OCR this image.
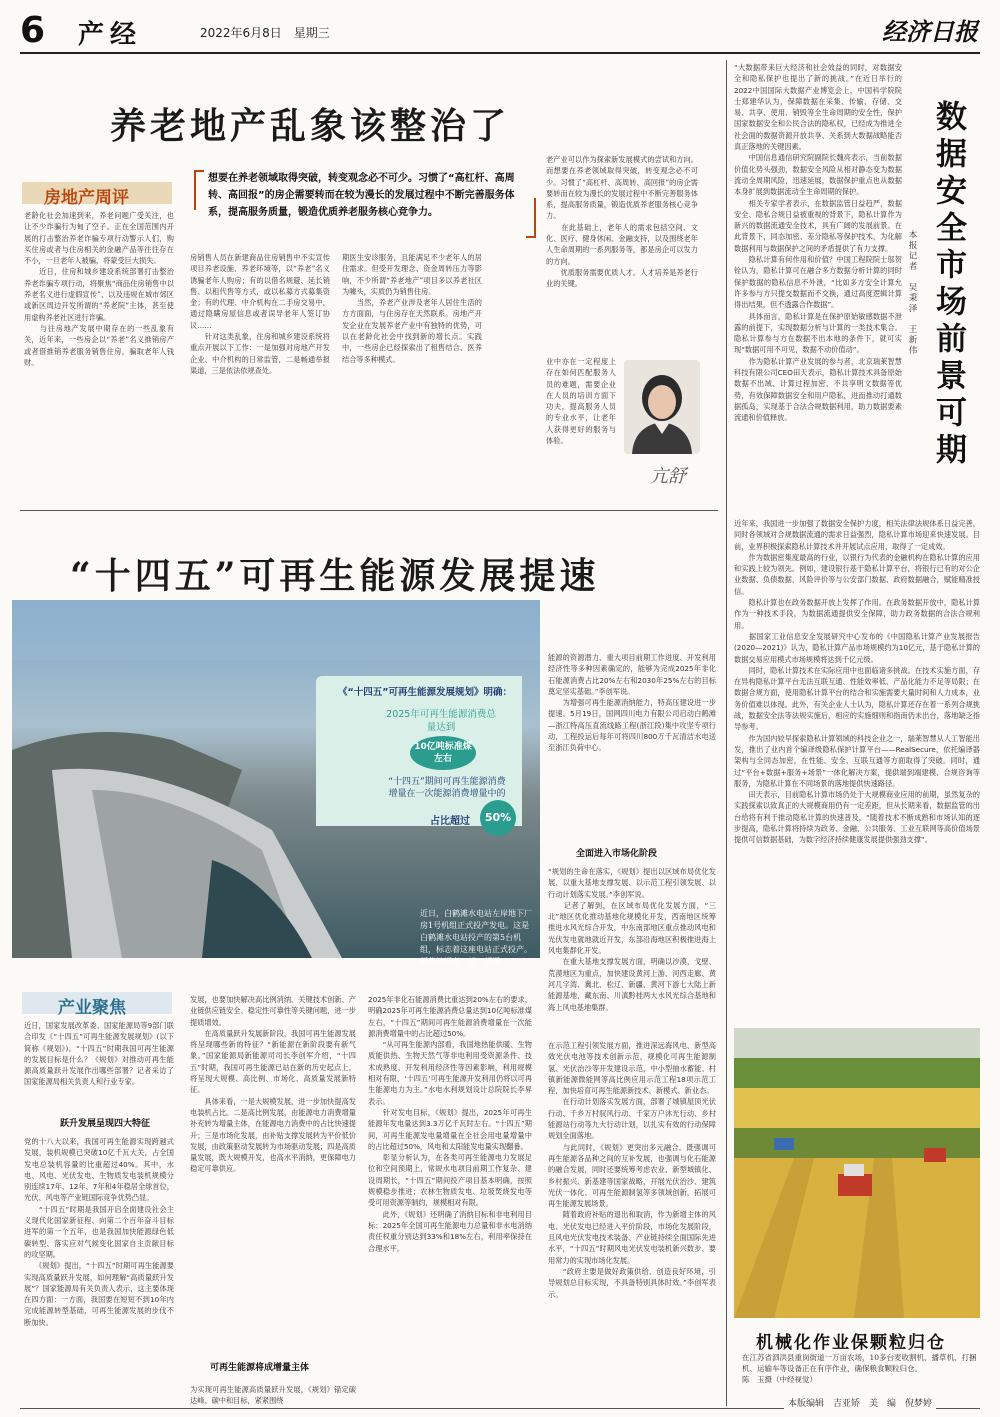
6 产经	2022年6月8日　星期三	经济日报
养老地产乱象该整治了
房地产周评
想要在养老领域取得突破，转变观念必不可少。习惯了“高杠杆、高周转、高回报”的房企需要转而在较为漫长的发展过程中不断完善服务体系，提高服务质量，锻造优质养老服务核心竞争力。
老龄化社会加速到来，养老问题广受关注，也让不少诈骗行为甸了空子。正在全国范围内开展的打击整治养老诈骗专项行动警示人们，购买住房或者与住房相关的金融产品等往往存在不小，一旦老年人被骗，将蒙受巨大损失。
　　近日，住房和城乡建设系统部署打击整治养老诈骗专项行动，将聚焦“商品住房销售中以养老名义进行虚假宣传”、以及违规在城市郊区或新区周边开发所谓的“养老院”主体，甚至使用虚构养老社区进行诈骗。
　　与往房地产发展中期存在的一些乱象有关，近年来，一些房企以“养老”名义推销房产或者借推销养老服务销售住房，骗取老年人钱财。
房销售人员在新建商品住房销售中不实宣传项目养老设施、养老环境等，以“养老”名义诱骗老年人购房；有的以借名规避、延长销售、以租代售等方式，或以私募方式募集资金；有的代理、中介机构在二手房交易中，通过隐瞒房屋信息或者误导老年人签订协议……
　　针对这类乱象，住房和城乡建设系统将重点开展以下工作：一是加强对房地产开发企业、中介机构的日常监管，二是畅通举报渠道，三是依法依规查处。
期医生安诊服务，且能满足不少老年人的居住需求。但受开发理念、资金周转压力等影响，不少所谓“养老地产”项目多以养老社区为噱头，实质仍为销售住房。
　　当然，养老产业涉及老年人居住生活的方方面面，与住房存在天然联系。房地产开发企业在发展养老产业中有独特的优势，可以在老龄化社会中找到新的增长点。实践中，一些房企已经探索出了租售结合、医养结合等多种模式。
老产业可以作为探索新发展模式的尝试和方向。而想要在养老领域取得突破，转变观念必不可少。习惯了“高杠杆、高周转、高回报”的房企需要转而在较为漫长的发展过程中不断完善服务体系，提高服务质量，锻造优质养老服务核心竞争力。
　　在此基础上，老年人的需求包括空间、文化、医疗、健身休闲、金融支持，以及围绕老年人生命周期的一系列服务等，都是房企可以发力的方向。
　　优质服务需要优质人才。人才培养是养老行业的关键。
业中亦在一定程度上存在如何匹配服务人员的难题，需要企业在人员的培训方面下功夫，提高服务人员的专业水平，让老年人获得更好的服务与体验。
亢舒
“十四五”可再生能源发展提速
《“十四五”可再生能源发展规划》明确：
2025年可再生能源消费总量达到
10亿吨标准煤左右
“十四五”期间可再生能源消费增量在一次能源消费增量中的
占比超过	50%
近日，白鹤滩水电站左岸地下厂房1号机组正式投产发电。这是白鹤滩水电站投产的第5台机组，标志着这座电站正式投产。
新华社记者　胡　超摄
产业聚焦
近日，国家发展改革委、国家能源局等9部门联合印发《“十四五”可再生能源发展规划》(以下简称《规划》)。“十四五”时期我国可再生能源的发展目标是什么？《规划》对推动可再生能源高质量跃升发展作出哪些部署？记者采访了国家能源局相关负责人和行业专家。
跃升发展呈现四大特征
党的十八大以来，我国可再生能源实现跨越式发展，装机规模已突破10亿千瓦大关，占全国发电总装机容量的比重超过40%。其中，水电、风电、光伏发电、生物质发电装机规模分别连续17年、12年、7年和4年稳居全球首位，光伏、风电等产业链国际竞争优势凸显。
　　“十四五”时期是我国开启全面建设社会主义现代化国家新征程、向第二个百年奋斗目标进军的第一个五年，也是我国加快能源绿色低碳转型、落实应对气候变化国家自主贡献目标的攻坚期。
　　《规划》提出，“十四五”时期可再生能源要实现高质量跃升发展，如何理解“高质量跃升发展”？国家能源局有关负责人表示，这主要体现在四方面：一方面，我国要在短短不到10年内完成能源转型基础，可再生能源发展的步伐不断加快。
发展，也要加快解决高比例消纳、关键技术创新、产业链供应链安全、稳定性可靠性等关键问题，进一步提质增效。
　　在高质量跃升发展新阶段，我国可再生能源发展将呈现哪些新的特征？“新能源在新阶段要有新气象。”国家能源局新能源司司长李创军介绍，“十四五”时期，我国可再生能源已站在新的历史起点上，将呈现大规模、高比例、市场化、高质量发展新特征。
　　具体来看，一是大规模发展，进一步加快提高发电装机占比。二是高比例发展，由能源电力消费增量补充转为增量主体，在能源电力消费中的占比快速提升；三是市场化发展，由补贴支撑发展转为平价低价发展，由政策驱动发展转为市场驱动发展；四是高质量发展，既大规模开发，也高水平消纳，更保障电力稳定可靠供应。
可再生能源将成增量主体
为实现可再生能源高质量跃升发展，《规划》锚定碳达峰、碳中和目标，紧紧围绕
2025年非化石能源消费比重达到20%左右的要求，明确2025年可再生能源消费总量达到10亿吨标准煤左右，“十四五”期间可再生能源消费增量在一次能源消费增量中的占比超过50%。
　　“从可再生能源内部看，我国地热能供暖、生物质能供热、生物天然气等非电利用受资源条件、技术成熟度、开发利用经济性等因素影响，利用规模相对有限，‘十四五’可再生能源开发利用仍将以可再生能源电力为主。”水电水利规划设计总院院长李昇表示。
　　针对发电目标，《规划》提出，2025年可再生能源年发电量达到3.3万亿千瓦时左右。“十四五”期间，可再生能源发电量增量在全社会用电量增量中的占比超过50%，风电和太阳能发电量实现翻番。
　　彰显分析认为，在各类可再生能源电力发展足位和空间预期上，常规水电项目前期工作复杂、建设周期长，“十四五”期间投产项目基本明确，按照规模稳步推进；农林生物质发电、垃圾焚烧发电等受可用资源等制约，规模相对有限。
　　此外，《规划》还明确了消纳目标和非电利用目标：2025年全国可再生能源电力总量和非水电消纳责任权重分别达到33%和18%左右，利用率保持在合理水平。
能源的资源潜力、重大项目前期工作进度、开发利用经济性等多种因素确定的，能够为完成2025年非化石能源消费占比20%左右和2030年25%左右的目标奠定坚实基础。”李创军说。
　　为增强可再生能源消纳能力，特高压建设进一步提速。5月19日，国网四川电力有限公司启动白鹤滩—浙江特高压直流线路工程(浙江段)集中攻坚专项行动，工程投运后每年可将四川800万千瓦清洁水电送至浙江负荷中心。
全面进入市场化阶段
“规划的生命在落实，《规划》提出以区域布局优化发展、以重大基地支撑发展、以示范工程引领发展、以行动计划落实发展。”李创军说。
　　记者了解到，在区域布局优化发展方面，“三北”地区优化推动基地化规模化开发，西南地区统筹推进水风光综合开发，中东南部地区重点推动风电和光伏发电就地就近开发，东部沿海地区积极推进海上风电集群化开发。
　　在重大基地支撑发展方面，明确以沙漠、戈壁、荒漠地区为重点，加快建设黄河上游、河西走廊、黄河几字湾、冀北、松辽、新疆、黄河下游七大陆上新能源基地，藏东南、川滇黔桂两大水风光综合基地和海上风电基地集群。
在示范工程引领发展方面，推进深远海风电、新型高效光伏电池等技术创新示范，规模化可再生能源制氢、光伏治沙等开发建设示范，中小型抽水蓄能、村镇新能源微能网等高比例应用示范工程18项示范工程，加快培育可再生能源新技术、新模式、新业态。
　　在行动计划落实发展方面，部署了城镇屋顶光伏行动、千乡万村驭风行动、千家万户沐光行动、乡村能源站行动等九大行动计划，以扎实有效的行动保障规划全面落地。
　　与此同时，《规划》更突出多元融合。既强调可再生能源各品种之间的互补发展，也强调与化石能源的融合发展，同时还要统筹考虑农业、新型城镇化、乡村振兴、新基建等国家战略，开展光伏治沙、建筑光伏一体化、可再生能源制氢等多领域创新，拓展可再生能源发展场景。
　　随着政府补贴的退出和取消，作为新增主体的风电、光伏发电已经进入平价阶段，市场化发展阶段，且风电光伏发电技术装备、产业链持续全面国际先进水平，“十四五”时期风电光伏发电装机新兴数步、要用常力的实现市场化发展。
　　“政府主要是做好政策供给、创造良好环境，引导规划总目标实现，不具备特别具体时效。”李创军表示。
“大数据带来巨大经济和社会效益的同时，对数据安全和隐私保护也提出了新的挑战。”在近日举行的2022中国国际大数据产业博览会上，中国科学院院士郑建华认为，保障数据在采集、传输、存储、交易、共享、使用、销毁等全生命周期的安全性，保护国家数据安全和公民合法的隐私权，已经成为推进全社会面的数据资源开放共享、关系到大数据战略能否真正落地的关键因素。
　　中国信息通信研究院副院长魏亮表示，当前数据价值化势头强劲，数据安全风险从相对静态变为数据流动全周期风险，迅速延展，数据保护重点也从数据本身扩展到数据流动全生命周期的保护。
　　相关专家学者表示，在数据监管日益趋严，数据安全、隐私合规日益被重视的背景下，隐私计算作为新兴的数据流通安全技术，具有广阔的发展前景。在此背景下，同态加密、差分隐私等保护技术，为化解数据利用与数据保护之间的矛盾提供了有力支撑。
　　隐私计算有何作用和价值？中国工程院院士邬贺铨认为，隐私计算可在融合多方数据分析计算的同时保护数据的隐私信息不外泄，“比如多方安全计算允许多参与方只提交数据而不交换，通过高度逻辑计算得出结果，但不透露合作数据”。
　　具体而言，隐私计算是在保护原始敏感数据不泄露的前提下，实现数据分析与计算的一类技术集合。隐私计算参与方在数据不出本地的条件下，就可实现“数据可用不可见，数据不动价值动”。
　　作为隐私计算产业发展的参与者，北京瑞莱智慧科技有限公司CEO田天表示，隐私计算技术具备原始数据不出域、计算过程加密、不共享明文数据等优势，有效保障数据安全和用户隐私，进而推动打通数据孤岛，实现基于合法合规数据利用，助力数据要素流通和价值释放。	数据安全市场前景可期
本报记者　吴秉泽　王新伟
近年来，我国进一步加强了数据安全保护力度，相关法律法规体系日益完善，同时各领域对合规数据流通的需求日益强烈，隐私计算市场迎来快速发展。目前，业界积极探索隐私计算技术并开展试点应用，取得了一定成效。
　　作为数据密集度最高的行业，以银行为代表的金融机构在隐私计算的应用和实践上较为领先。例如，建设银行基于隐私计算平台，将银行已有的对公企业数据、负债数据、风险评价等与公安部门数据、政府数据融合，赋能精准授信。
　　隐私计算也在政务数据开放上发挥了作用。在政务数据开放中，隐私计算作为一种技术手段，为数据流通提供安全保障，助力政务数据的合法合规利用。
　　据国家工业信息安全发展研究中心发布的《中国隐私计算产业发展报告(2020—2021)》认为，隐私计算产品市场规模约为10亿元，基于隐私计算的数据交易应用模式市场规模将达到千亿元级。
　　同时，隐私计算技术在实际应用中也面临诸多挑战。在技术实施方面，存在异构隐私计算平台无法互联互通、性能效率低、产品化能力不足等局限；在数据合规方面，使用隐私计算平台的结合和实施需要大量时间和人力成本，业务价值难以体现。此外，有关企业人士认为，隐私计算还存在着一系列合规挑战，数据安全法等法规实施后，相应的实施细则和指南仍未出台，落地缺乏指导参考。
　　作为国内较早探索隐私计算领域的科技企业之一，瑞莱智慧从人工智能出发，推出了业内首个编译级隐私保护计算平台——RealSecure，依托编译器架构与全同态加密，在性能、安全、互联互通等方面取得了突破。同时，通过“平台+数据+服务+场景”一体化解决方案，提供端到端建模、合规咨询等服务，为隐私计算在不同场景的落地提供快速路径。
　　田天表示，目前隐私计算市场仍处于大规模商业应用的前期，虽然复杂的实践探索以致真正的大规模商用仍有一定差距，但从长期来看，数据监管的出台给将有利于推动隐私计算的快速普及，“随着技术不断成熟和市场认知的逐步提高，隐私计算将持续为政务、金融、公共服务、工业互联网等高价值场景提供可信数据基础，为数字经济持续健康发展提供强劲支撑”。
机械化作业保颗粒归仓
在江苏省泗洪县重岗街道一万亩农场，10多台麦收割机、播草机、打捆机、运输车等设备正在有序作业，确保粮食颗粒归仓。
陈　玉摄（中经视觉）
本版编辑　吉亚矫　美　编　倪梦婷
